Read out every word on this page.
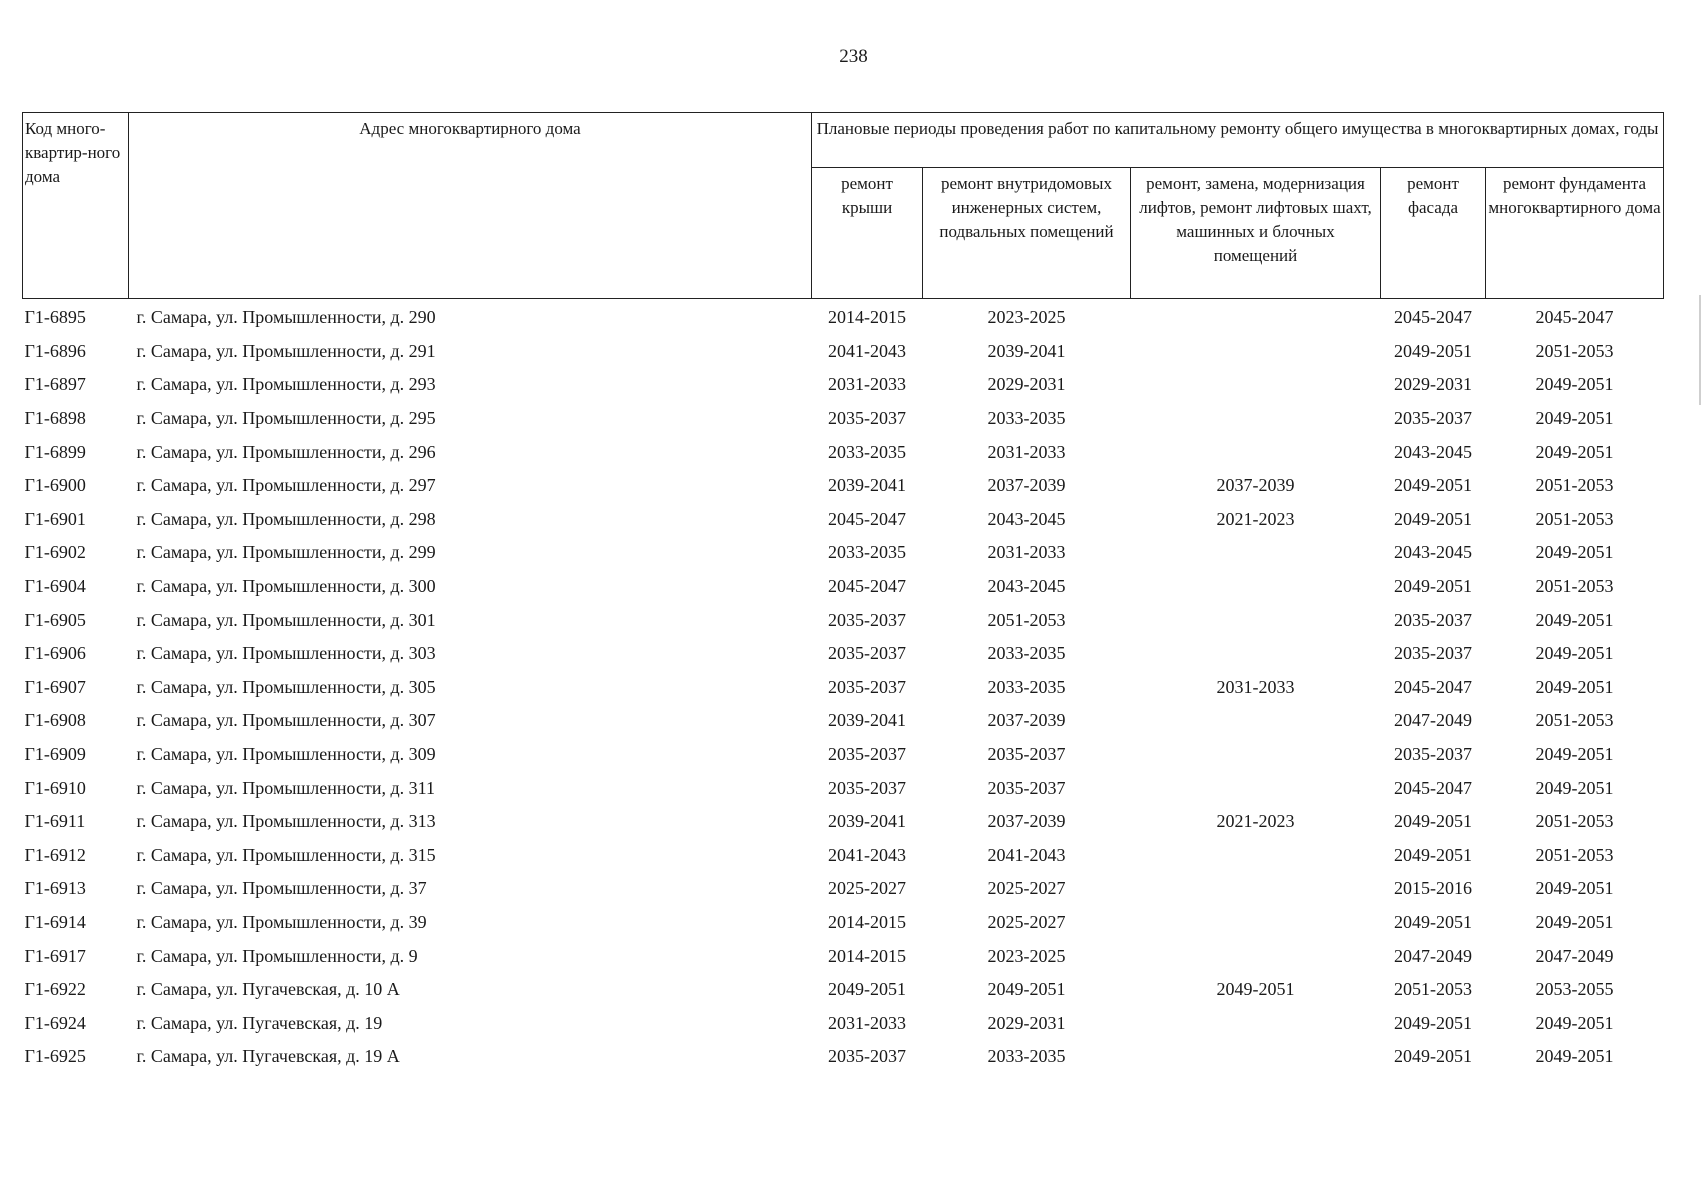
238
Код много-квартир-ного дома	Адрес многоквартирного дома	Плановые периоды проведения работ по капитальному ремонту общего имущества в многоквартирных домах, годы				
		ремонт крыши	ремонт внутридомовых инженерных систем, подвальных помещений	ремонт, замена, модернизация лифтов, ремонт лифтовых шахт, машинных и блочных помещений	ремонт фасада	ремонт фундамента многоквартирного дома
Г1-6895	г. Самара, ул. Промышленности, д. 290	2014-2015	2023-2025		2045-2047	2045-2047
Г1-6896	г. Самара, ул. Промышленности, д. 291	2041-2043	2039-2041		2049-2051	2051-2053
Г1-6897	г. Самара, ул. Промышленности, д. 293	2031-2033	2029-2031		2029-2031	2049-2051
Г1-6898	г. Самара, ул. Промышленности, д. 295	2035-2037	2033-2035		2035-2037	2049-2051
Г1-6899	г. Самара, ул. Промышленности, д. 296	2033-2035	2031-2033		2043-2045	2049-2051
Г1-6900	г. Самара, ул. Промышленности, д. 297	2039-2041	2037-2039	2037-2039	2049-2051	2051-2053
Г1-6901	г. Самара, ул. Промышленности, д. 298	2045-2047	2043-2045	2021-2023	2049-2051	2051-2053
Г1-6902	г. Самара, ул. Промышленности, д. 299	2033-2035	2031-2033		2043-2045	2049-2051
Г1-6904	г. Самара, ул. Промышленности, д. 300	2045-2047	2043-2045		2049-2051	2051-2053
Г1-6905	г. Самара, ул. Промышленности, д. 301	2035-2037	2051-2053		2035-2037	2049-2051
Г1-6906	г. Самара, ул. Промышленности, д. 303	2035-2037	2033-2035		2035-2037	2049-2051
Г1-6907	г. Самара, ул. Промышленности, д. 305	2035-2037	2033-2035	2031-2033	2045-2047	2049-2051
Г1-6908	г. Самара, ул. Промышленности, д. 307	2039-2041	2037-2039		2047-2049	2051-2053
Г1-6909	г. Самара, ул. Промышленности, д. 309	2035-2037	2035-2037		2035-2037	2049-2051
Г1-6910	г. Самара, ул. Промышленности, д. 311	2035-2037	2035-2037		2045-2047	2049-2051
Г1-6911	г. Самара, ул. Промышленности, д. 313	2039-2041	2037-2039	2021-2023	2049-2051	2051-2053
Г1-6912	г. Самара, ул. Промышленности, д. 315	2041-2043	2041-2043		2049-2051	2051-2053
Г1-6913	г. Самара, ул. Промышленности, д. 37	2025-2027	2025-2027		2015-2016	2049-2051
Г1-6914	г. Самара, ул. Промышленности, д. 39	2014-2015	2025-2027		2049-2051	2049-2051
Г1-6917	г. Самара, ул. Промышленности, д. 9	2014-2015	2023-2025		2047-2049	2047-2049
Г1-6922	г. Самара, ул. Пугачевская, д. 10 А	2049-2051	2049-2051	2049-2051	2051-2053	2053-2055
Г1-6924	г. Самара, ул. Пугачевская, д. 19	2031-2033	2029-2031		2049-2051	2049-2051
Г1-6925	г. Самара, ул. Пугачевская, д. 19 А	2035-2037	2033-2035		2049-2051	2049-2051
